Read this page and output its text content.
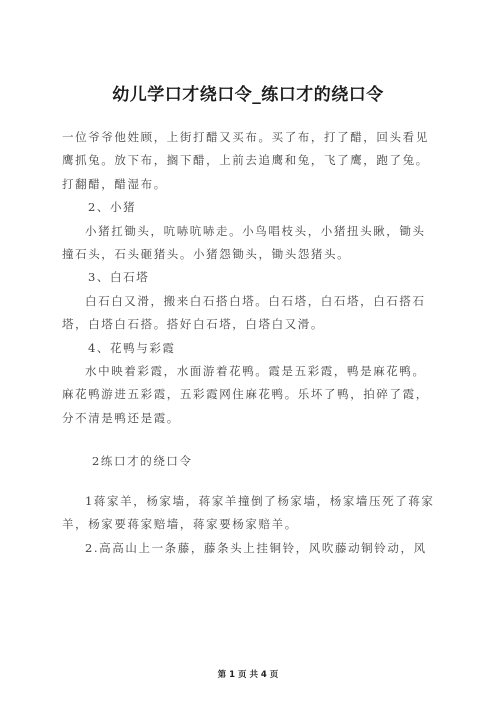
幼儿学口才绕口令_练口才的绕口令

一位爷爷他姓顾，上街打醋又买布。买了布，打了醋，回头看见鹰抓兔。放下布，搁下醋，上前去追鹰和兔，飞了鹰，跑了兔。打翻醋，醋湿布。

2、小猪

小猪扛锄头，吭哧吭哧走。小鸟唱枝头，小猪扭头瞅，锄头撞石头，石头砸猪头。小猪怨锄头，锄头怨猪头。

3、白石塔

白石白又滑，搬来白石搭白塔。白石塔，白石塔，白石搭石塔，白塔白石搭。搭好白石塔，白塔白又滑。

4、花鸭与彩霞

水中映着彩霞，水面游着花鸭。霞是五彩霞，鸭是麻花鸭。麻花鸭游进五彩霞，五彩霞网住麻花鸭。乐坏了鸭，拍碎了霞，分不清是鸭还是霞。

2练口才的绕口令

1蒋家羊，杨家墙，蒋家羊撞倒了杨家墙，杨家墙压死了蒋家羊，杨家要蒋家赔墙，蒋家要杨家赔羊。

2.高高山上一条藤，藤条头上挂铜铃，风吹藤动铜铃动，风

第 1 页 共 4 页
